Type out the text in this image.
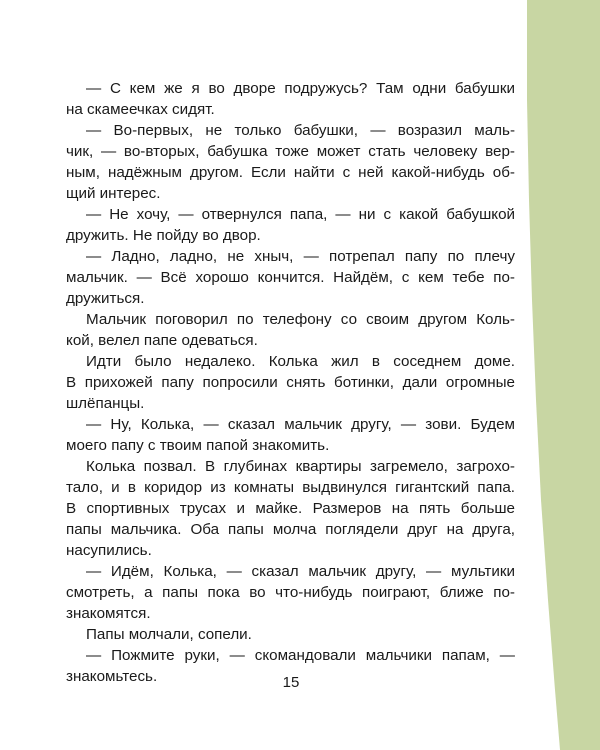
— С кем же я во дворе подружусь? Там одни бабушки
на скамеечках сидят.
— Во-первых, не только бабушки, — возразил маль-
чик, — во-вторых, бабушка тоже может стать человеку вер-
ным, надёжным другом. Если найти с ней какой-нибудь об-
щий интерес.
— Не хочу, — отвернулся папа, — ни с какой бабушкой
дружить. Не пойду во двор.
— Ладно, ладно, не хныч, — потрепал папу по плечу
мальчик. — Всё хорошо кончится. Найдём, с кем тебе по-
дружиться.
Мальчик поговорил по телефону со своим другом Коль-
кой, велел папе одеваться.
Идти было недалеко. Колька жил в соседнем доме.
В прихожей папу попросили снять ботинки, дали огромные
шлёпанцы.
— Ну, Колька, — сказал мальчик другу, — зови. Будем
моего папу с твоим папой знакомить.
Колька позвал. В глубинах квартиры загремело, загрохо-
тало, и в коридор из комнаты выдвинулся гигантский папа.
В спортивных трусах и майке. Размеров на пять больше
папы мальчика. Оба папы молча поглядели друг на друга,
насупились.
— Идём, Колька, — сказал мальчик другу, — мультики
смотреть, а папы пока во что-нибудь поиграют, ближе по-
знакомятся.
Папы молчали, сопели.
— Пожмите руки, — скомандовали мальчики папам, —
знакомьтесь.	15
